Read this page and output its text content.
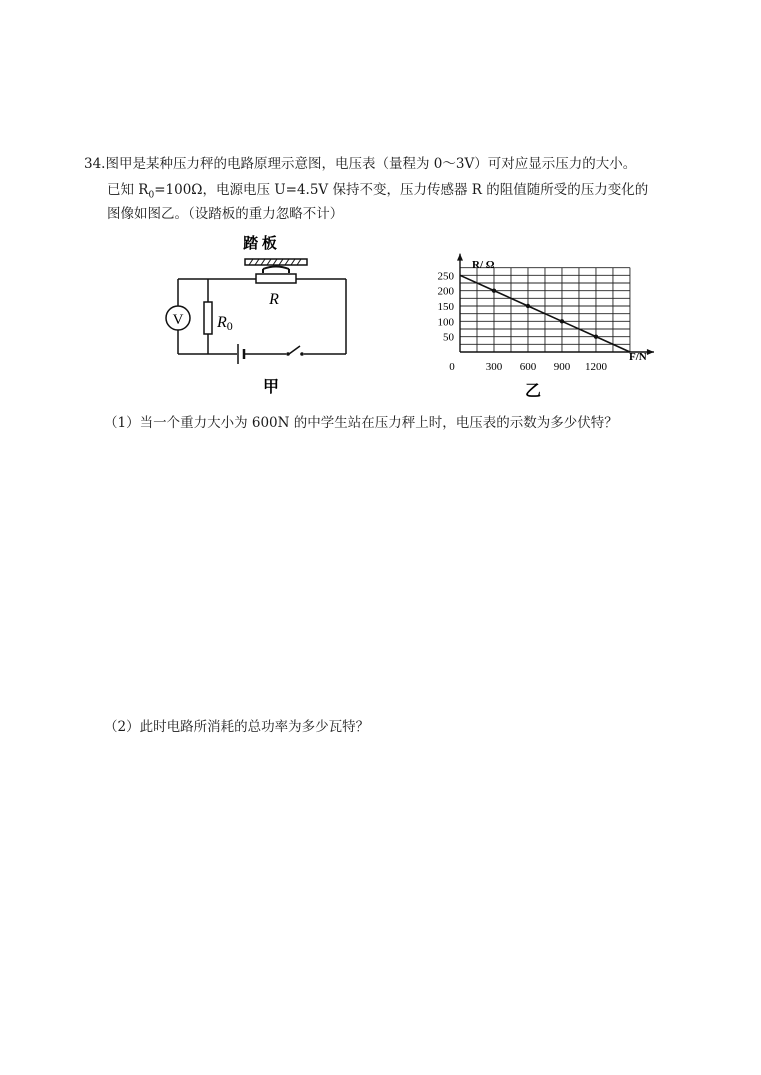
34.图甲是某种压力秤的电路原理示意图，电压表（量程为 0～3V）可对应显示压力的大小。
已知 $R_0=100\Omega$，电源电压 U=4.5V 保持不变，压力传感器 R 的阻值随所受的压力变化的
图像如图乙。（设踏板的重力忽略不计）
踏 板
R
V R0
甲
250
200
150
100
50
0	300 600 900 1200
R/ Ω
F/N
乙
（1）当一个重力大小为 600N 的中学生站在压力秤上时，电压表的示数为多少伏特？
（2）此时电路所消耗的总功率为多少瓦特？
